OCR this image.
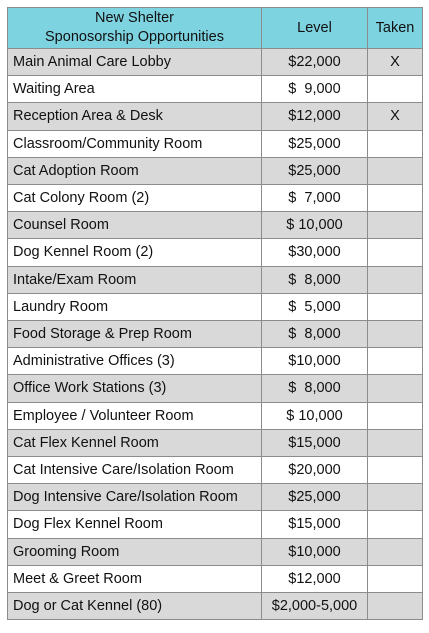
New Shelter
Sponosorship Opportunities	Level	Taken
Main Animal Care Lobby	$22,000	X
Waiting Area	$  9,000	
Reception Area & Desk	$12,000	X
Classroom/Community Room	$25,000	
Cat Adoption Room	$25,000	
Cat Colony Room (2)	$  7,000	
Counsel Room	$ 10,000	
Dog Kennel Room (2)	$30,000	
Intake/Exam Room	$  8,000	
Laundry Room	$  5,000	
Food Storage & Prep Room	$  8,000	
Administrative Offices (3)	$10,000	
Office Work Stations (3)	$  8,000	
Employee / Volunteer Room	$ 10,000	
Cat Flex Kennel Room	$15,000	
Cat Intensive Care/Isolation Room	$20,000	
Dog Intensive Care/Isolation Room	$25,000	
Dog Flex Kennel Room	$15,000	
Grooming Room	$10,000	
Meet & Greet Room	$12,000	
Dog or Cat Kennel (80)	$2,000-5,000	
